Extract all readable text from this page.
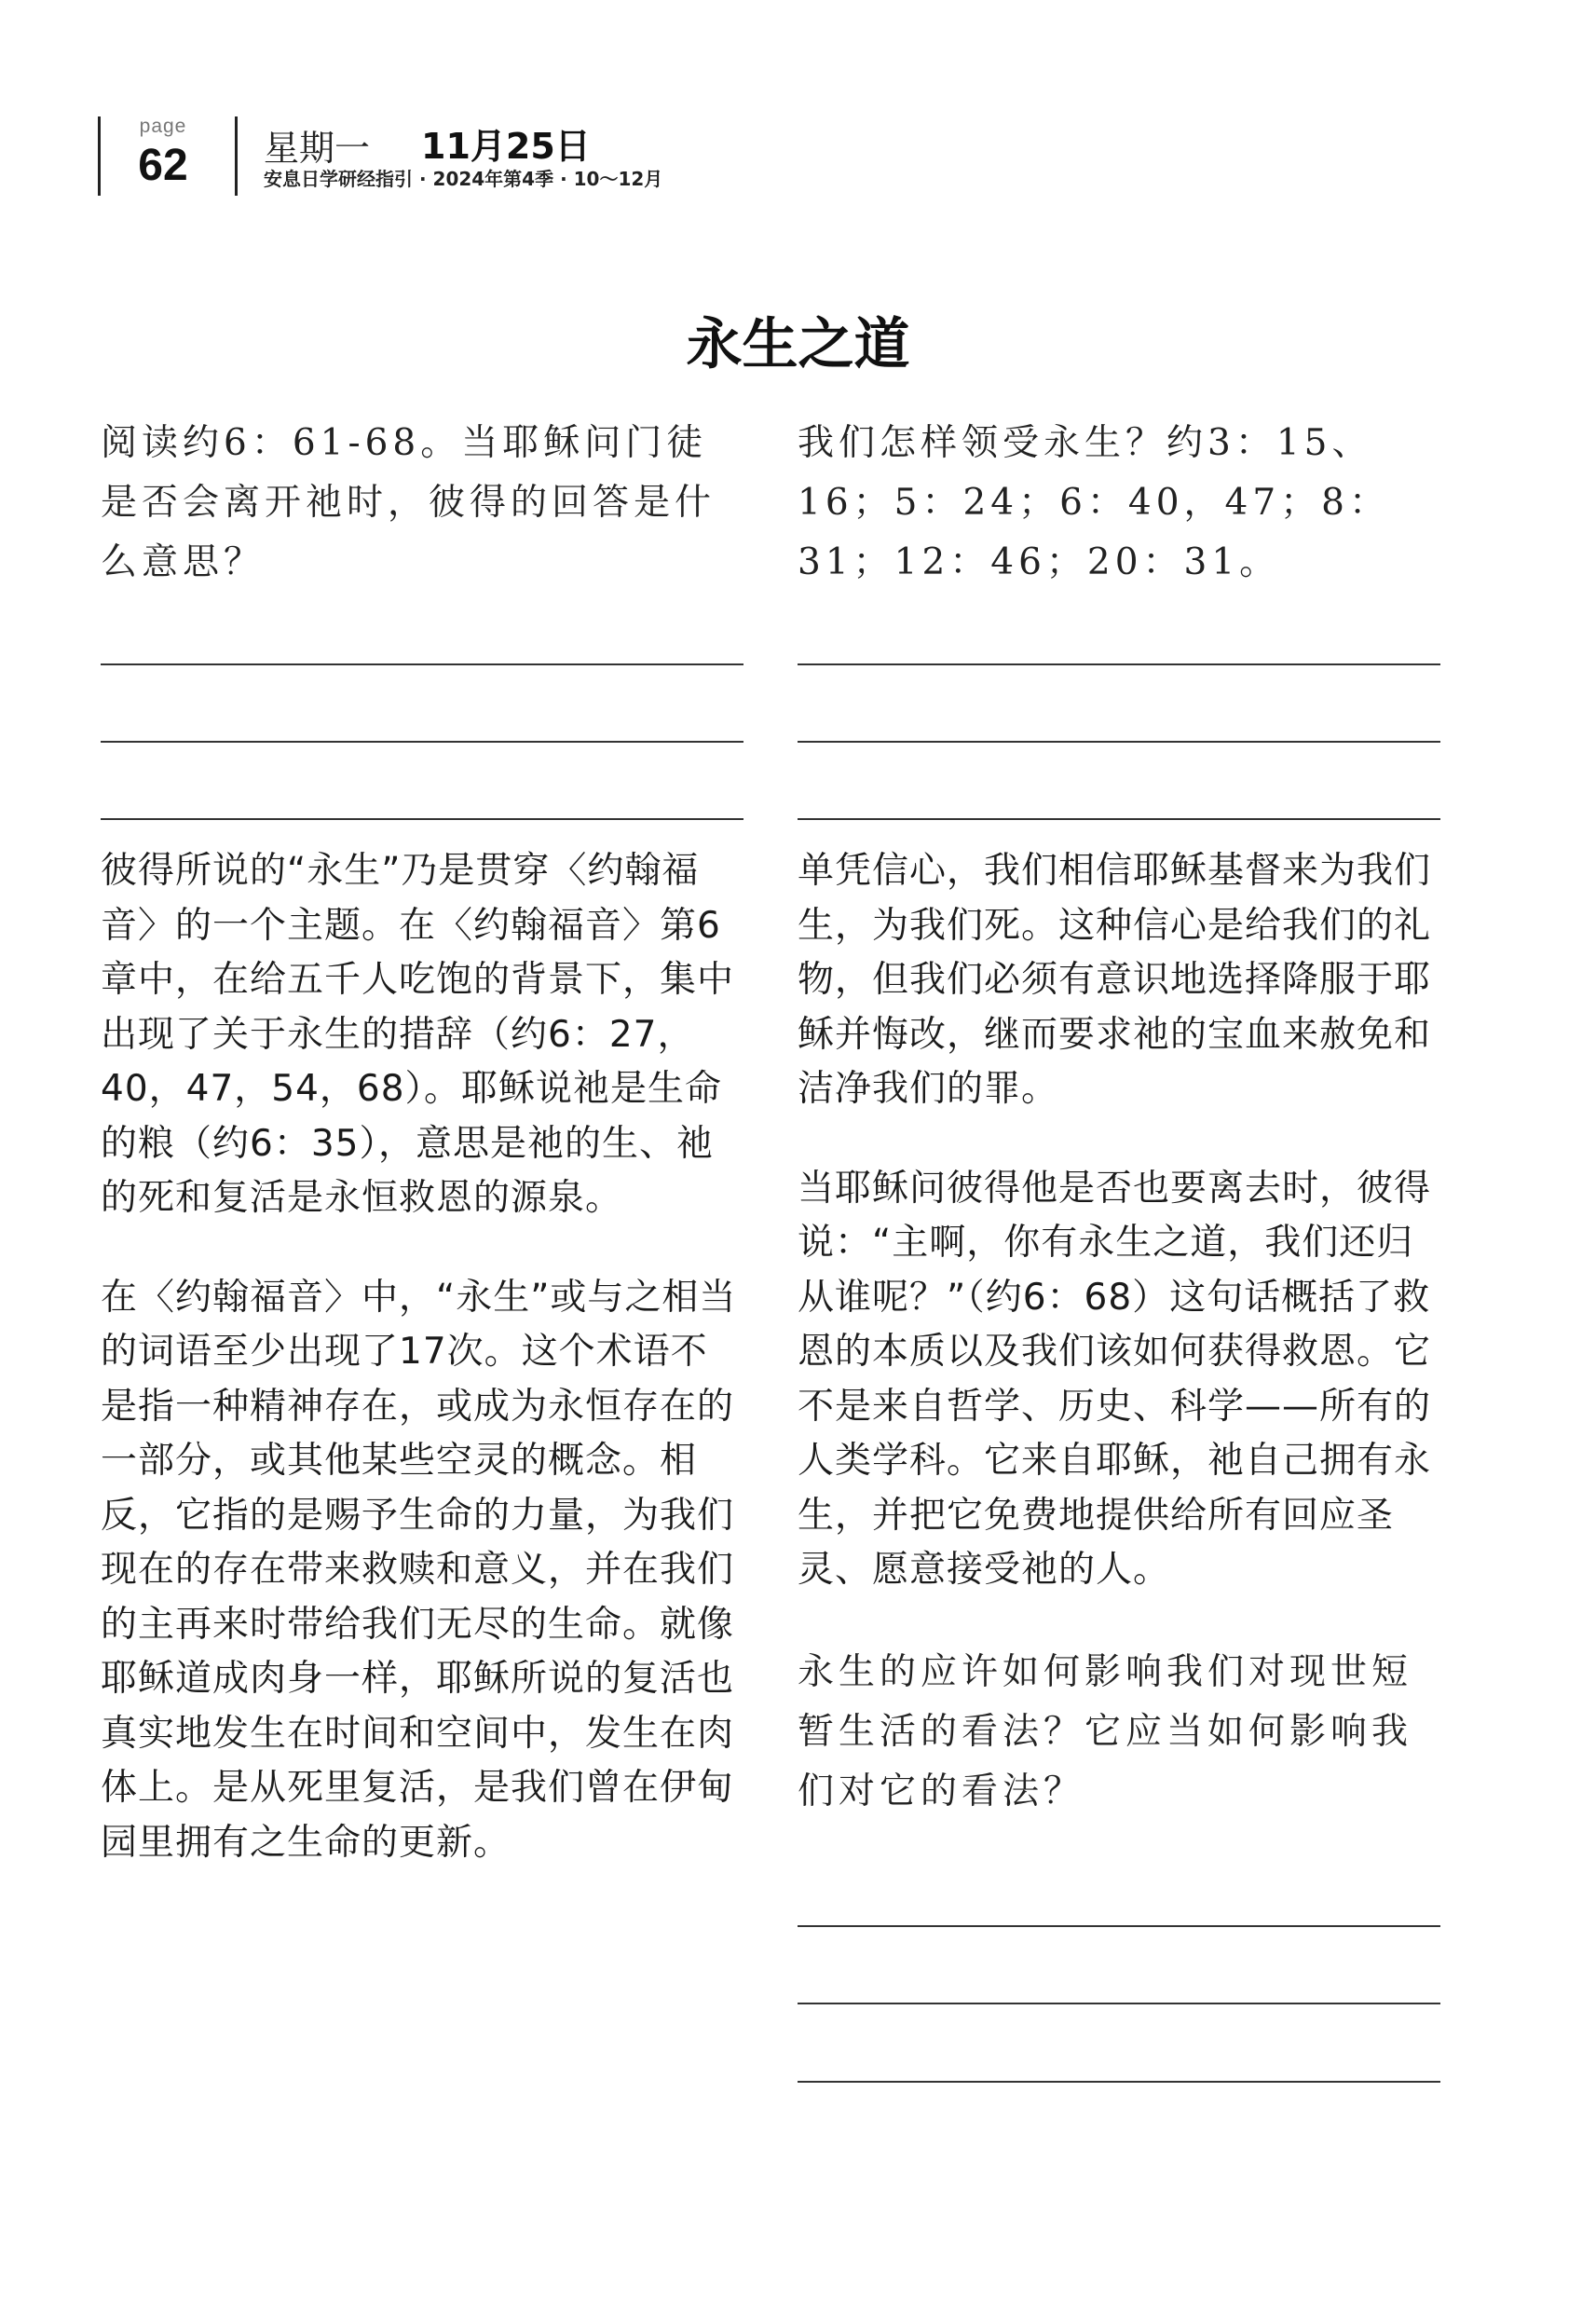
page
62	星期一 11月25日
安息日学研经指引 · 2024年第4季 · 10～12月
永生之道

阅读约6：61-68。当耶稣问门徒是否会离开祂时，彼得的回答是什么意思？

彼得所说的“永生”乃是贯穿〈约翰福音〉的一个主题。在〈约翰福音〉第6章中，在给五千人吃饱的背景下，集中出现了关于永生的措辞（约6：27，40，47，54，68）。耶稣说祂是生命的粮（约6：35），意思是祂的生、祂的死和复活是永恒救恩的源泉。

在〈约翰福音〉中，“永生”或与之相当的词语至少出现了17次。这个术语不是指一种精神存在，或成为永恒存在的一部分，或其他某些空灵的概念。相反，它指的是赐予生命的力量，为我们现在的存在带来救赎和意义，并在我们的主再来时带给我们无尽的生命。就像耶稣道成肉身一样，耶稣所说的复活也真实地发生在时间和空间中，发生在肉体上。是从死里复活，是我们曾在伊甸园里拥有之生命的更新。

我们怎样领受永生？约3：15、16；5：24；6：40，47；8：31；12：46；20：31。

单凭信心，我们相信耶稣基督来为我们生，为我们死。这种信心是给我们的礼物，但我们必须有意识地选择降服于耶稣并悔改，继而要求祂的宝血来赦免和洁净我们的罪。

当耶稣问彼得他是否也要离去时，彼得说：“主啊，你有永生之道，我们还归从谁呢？”（约6：68）这句话概括了救恩的本质以及我们该如何获得救恩。它不是来自哲学、历史、科学——所有的人类学科。它来自耶稣，祂自己拥有永生，并把它免费地提供给所有回应圣灵、愿意接受祂的人。

永生的应许如何影响我们对现世短暂生活的看法？它应当如何影响我们对它的看法？
